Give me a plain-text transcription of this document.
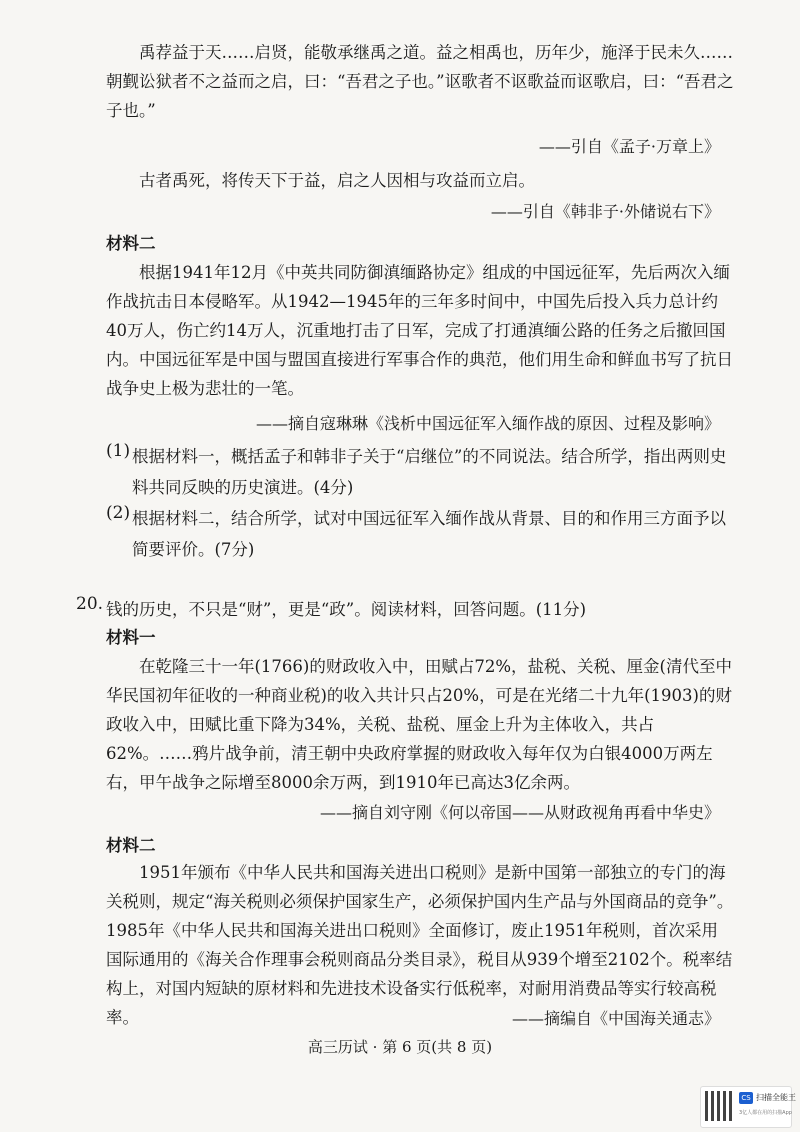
禹荐益于天……启贤，能敬承继禹之道。益之相禹也，历年少，施泽于民未久……朝觐讼狱者不之益而之启，曰：“吾君之子也。”讴歌者不讴歌益而讴歌启，曰：“吾君之子也。”

——引自《孟子·万章上》

古者禹死，将传天下于益，启之人因相与攻益而立启。

——引自《韩非子·外储说右下》
材料二

根据1941年12月《中英共同防御滇缅路协定》组成的中国远征军，先后两次入缅作战抗击日本侵略军。从1942—1945年的三年多时间中，中国先后投入兵力总计约40万人，伤亡约14万人，沉重地打击了日军，完成了打通滇缅公路的任务之后撤回国内。中国远征军是中国与盟国直接进行军事合作的典范，他们用生命和鲜血书写了抗日战争史上极为悲壮的一笔。

——摘自寇琳琳《浅析中国远征军入缅作战的原因、过程及影响》
(1) 根据材料一，概括孟子和韩非子关于“启继位”的不同说法。结合所学，指出两则史料共同反映的历史演进。(4分)
(2) 根据材料二，结合所学，试对中国远征军入缅作战从背景、目的和作用三方面予以简要评价。(7分)
20. 钱的历史，不只是“财”，更是“政”。阅读材料，回答问题。(11分)
材料一

在乾隆三十一年(1766)的财政收入中，田赋占72%，盐税、关税、厘金(清代至中华民国初年征收的一种商业税)的收入共计只占20%，可是在光绪二十九年(1903)的财政收入中，田赋比重下降为34%，关税、盐税、厘金上升为主体收入，共占62%。……鸦片战争前，清王朝中央政府掌握的财政收入每年仅为白银4000万两左右，甲午战争之际增至8000余万两，到1910年已高达3亿余两。

——摘自刘守刚《何以帝国——从财政视角再看中华史》
材料二

1951年颁布《中华人民共和国海关进出口税则》是新中国第一部独立的专门的海关税则，规定“海关税则必须保护国家生产，必须保护国内生产品与外国商品的竞争”。1985年《中华人民共和国海关进出口税则》全面修订，废止1951年税则，首次采用国际通用的《海关合作理事会税则商品分类目录》，税目从939个增至2102个。税率结构上，对国内短缺的原材料和先进技术设备实行低税率，对耐用消费品等实行较高税率。	——摘编自《中国海关通志》
高三历试 · 第 6 页(共 8 页)
CS 扫描全能王
3亿人都在用的扫描App
